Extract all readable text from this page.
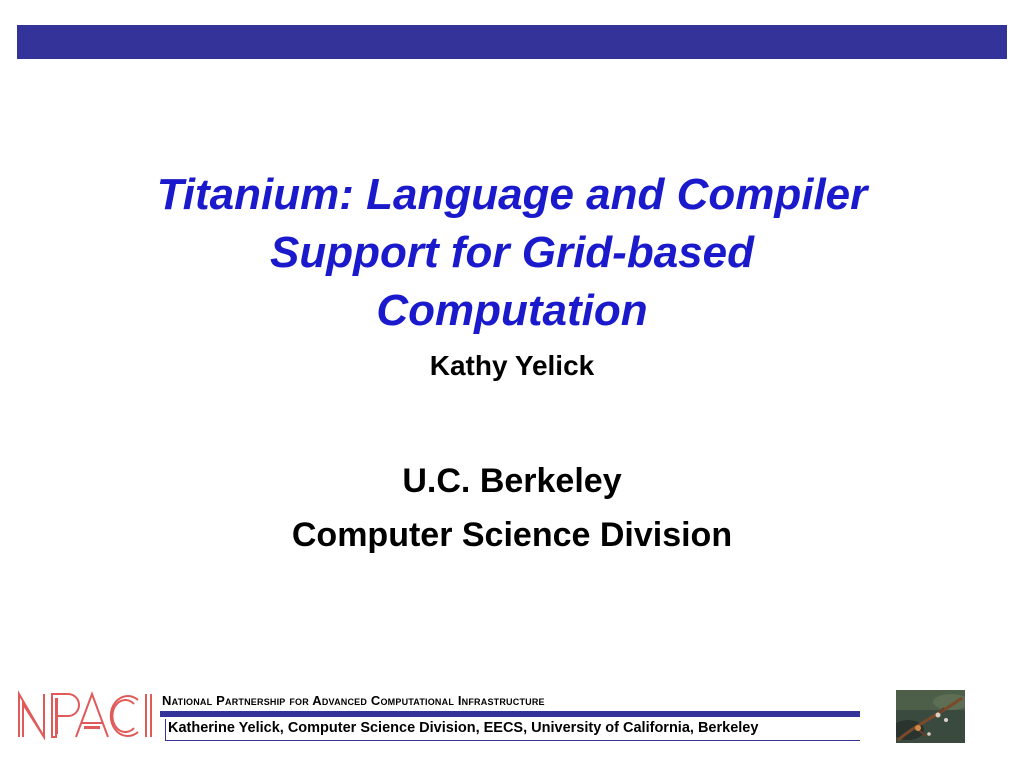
Titanium: Language and Compiler
Support for Grid-based
Computation
Kathy Yelick
U.C. Berkeley
Computer Science Division
National Partnership for Advanced Computational Infrastructure
Katherine Yelick, Computer Science Division, EECS, University of California, Berkeley
